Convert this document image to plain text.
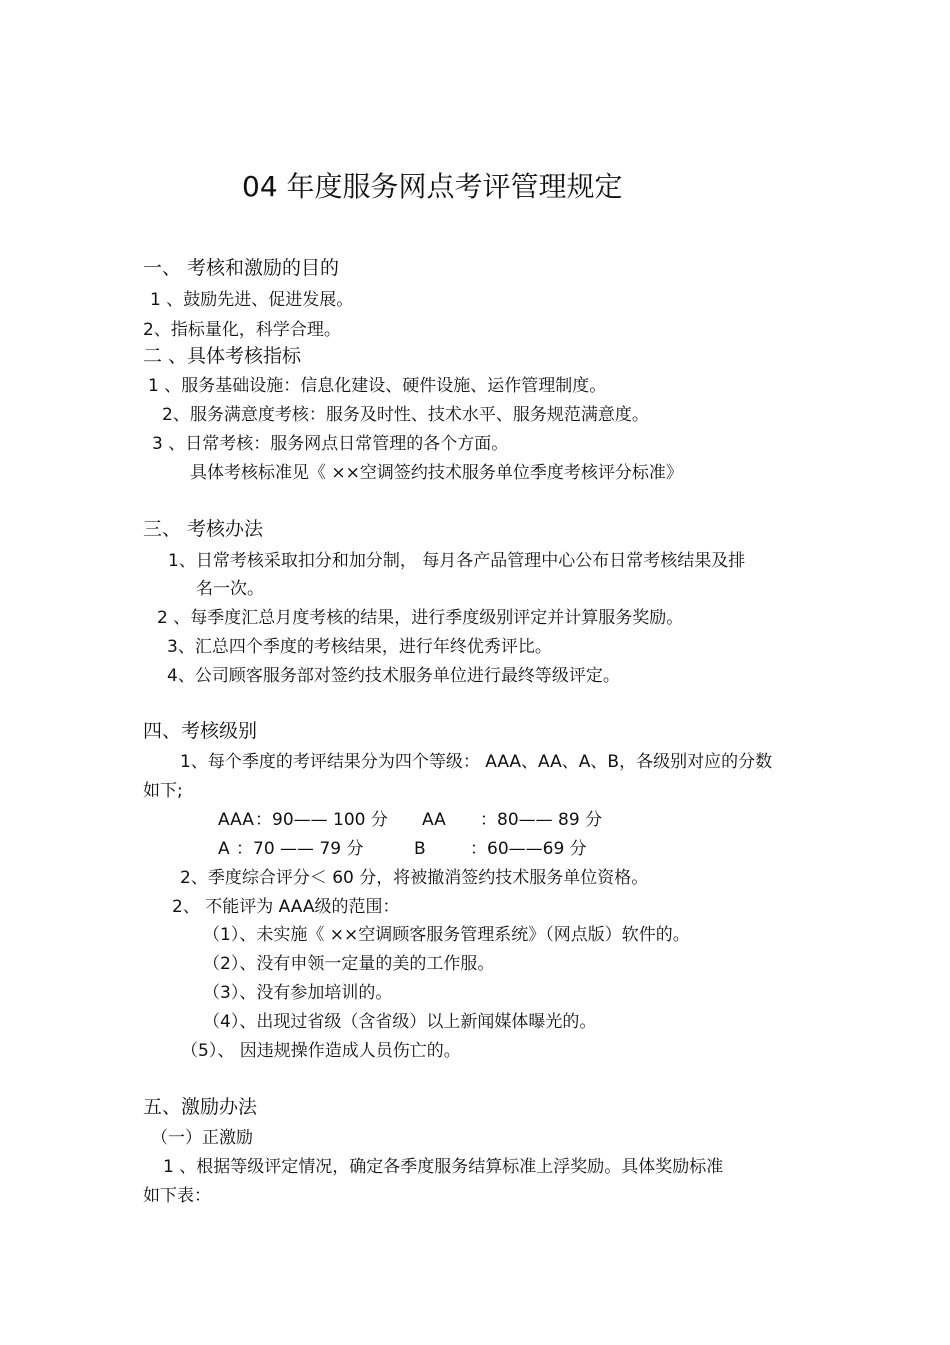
04 年度服务网点考评管理规定
一、 考核和激励的目的
1 、鼓励先进、促进发展。
2、指标量化，科学合理。
二 、具体考核指标
1 、服务基础设施：信息化建设、硬件设施、运作管理制度。
2、服务满意度考核：服务及时性、技术水平、服务规范满意度。
3 、日常考核：服务网点日常管理的各个方面。
具体考核标准见《 ××空调签约技术服务单位季度考核评分标准》
三、 考核办法
1、日常考核采取扣分和加分制， 每月各产品管理中心公布日常考核结果及排
名一次。
2 、每季度汇总月度考核的结果，进行季度级别评定并计算服务奖励。
3、汇总四个季度的考核结果，进行年终优秀评比。
4、公司顾客服务部对签约技术服务单位进行最终等级评定。
四、考核级别
1、每个季度的考评结果分为四个等级： AAA、AA、A、B，各级别对应的分数
如下;
AAA ：90—— 100 分 AA ：80—— 89 分
A ：70 —— 79 分	B	：60——69 分
2、季度综合评分＜ 60 分，将被撤消签约技术服务单位资格。
2、 不能评为 AAA级的范围：
（1）、未实施《 ××空调顾客服务管理系统》（网点版）软件的。
（2）、没有申领一定量的美的工作服。
（3）、没有参加培训的。
（4）、出现过省级（含省级）以上新闻媒体曝光的。
（5）、 因违规操作造成人员伤亡的。
五、激励办法
（一）正激励
1 、根据等级评定情况，确定各季度服务结算标准上浮奖励。具体奖励标准
如下表：
